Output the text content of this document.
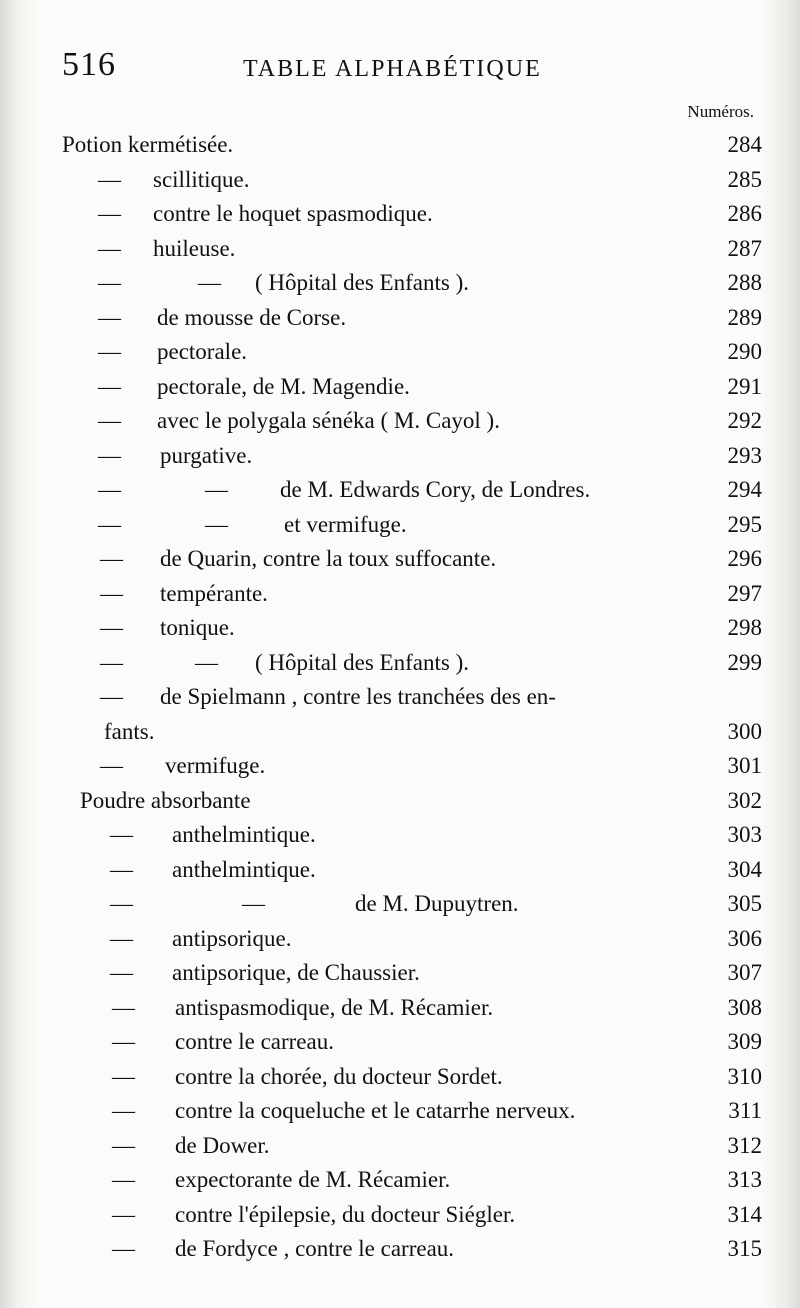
516	TABLE ALPHABÉTIQUE
Numéros.
Potion kermétisée.	284
— scillitique.	285
— contre le hoquet spasmodique.	286
— huileuse.	287
—	— ( Hôpital des Enfants ).	288
— de mousse de Corse.	289
— pectorale.	290
— pectorale, de M. Magendie.	291
— avec le polygala sénéka ( M. Cayol ).	292
— purgative.	293
—	— de M. Edwards Cory, de Londres.	294
—	— et vermifuge.	295
— de Quarin, contre la toux suffocante.	296
— tempérante.	297
— tonique.	298
—	— ( Hôpital des Enfants ).	299
— de Spielmann , contre les tranchées des en-
fants.	300
— vermifuge.	301
Poudre absorbante	302
— anthelmintique.	303
— anthelmintique.	304
—	—	de M. Dupuytren.	305
— antipsorique.	306
— antipsorique, de Chaussier.	307
— antispasmodique, de M. Récamier.	308
— contre le carreau.	309
— contre la chorée, du docteur Sordet.	310
— contre la coqueluche et le catarrhe nerveux.	311
— de Dower.	312
— expectorante de M. Récamier.	313
— contre l'épilepsie, du docteur Siégler.	314
— de Fordyce , contre le carreau.	315
